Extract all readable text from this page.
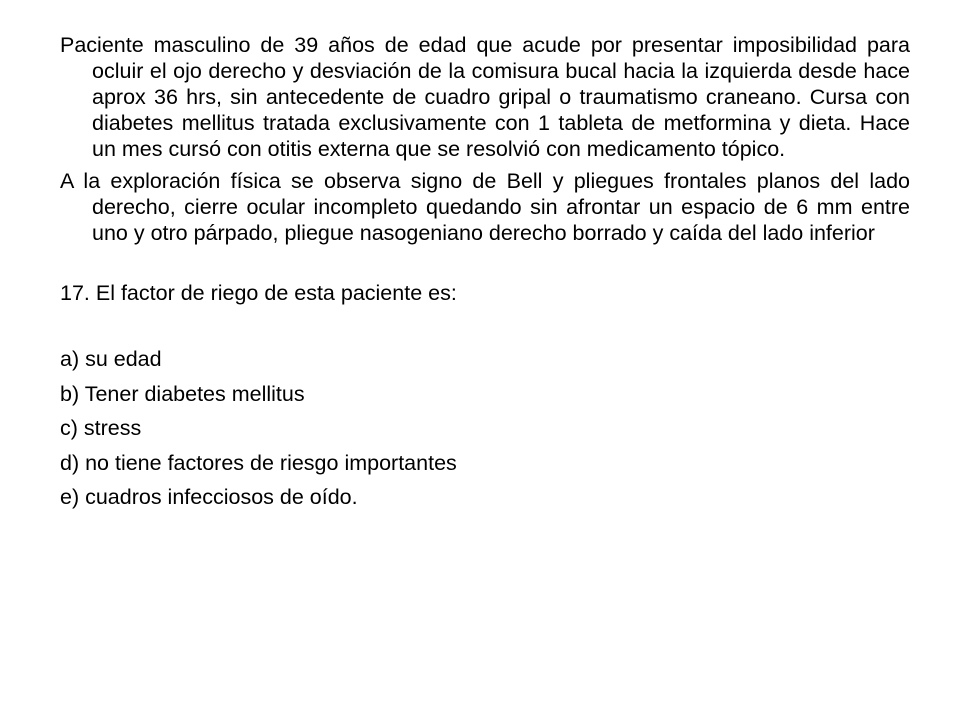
Paciente masculino de 39 años de edad que acude por presentar imposibilidad para ocluir el ojo derecho y desviación de la comisura bucal hacia la izquierda desde hace aprox 36 hrs, sin antecedente de cuadro gripal o traumatismo craneano. Cursa con diabetes mellitus tratada exclusivamente con 1 tableta de metformina y dieta. Hace un mes cursó con otitis externa que se resolvió con medicamento tópico.

A la exploración física se observa signo de Bell y pliegues frontales planos del lado derecho, cierre ocular incompleto quedando sin afrontar un espacio de 6 mm entre uno y otro párpado, pliegue nasogeniano derecho borrado y caída del lado inferior

17. El factor de riego de esta paciente es:

a) su edad
b) Tener diabetes mellitus
c) stress
d) no tiene factores de riesgo importantes
e) cuadros infecciosos de oído.
